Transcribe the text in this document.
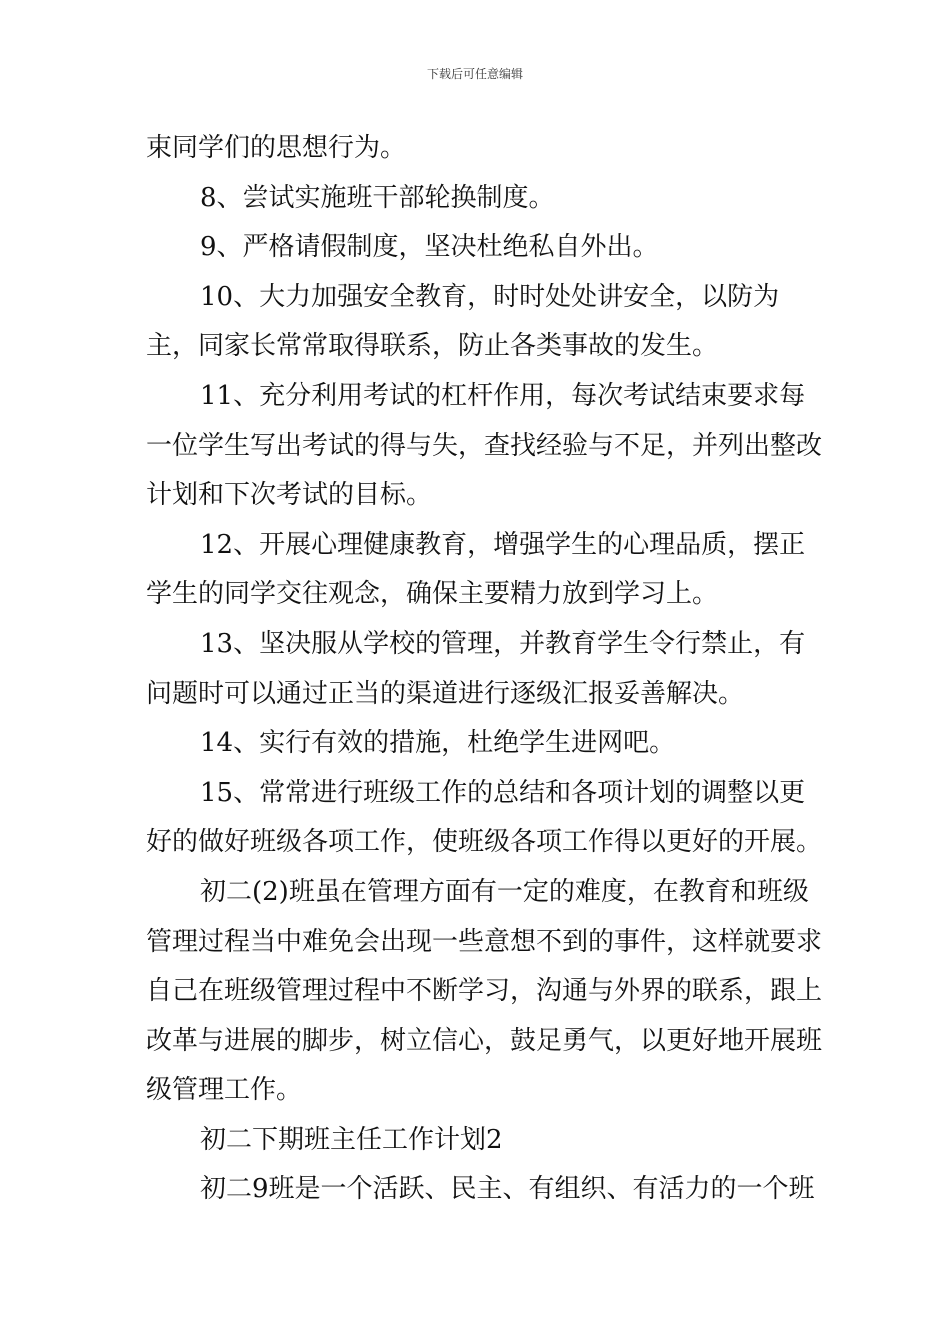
下载后可任意编辑

束同学们的思想行为。

8、尝试实施班干部轮换制度。

9、严格请假制度，坚决杜绝私自外出。

10、大力加强安全教育，时时处处讲安全，以防为主，同家长常常取得联系，防止各类事故的发生。

11、充分利用考试的杠杆作用，每次考试结束要求每一位学生写出考试的得与失，查找经验与不足，并列出整改计划和下次考试的目标。

12、开展心理健康教育，增强学生的心理品质，摆正学生的同学交往观念，确保主要精力放到学习上。

13、坚决服从学校的管理，并教育学生令行禁止，有问题时可以通过正当的渠道进行逐级汇报妥善解决。

14、实行有效的措施，杜绝学生进网吧。

15、常常进行班级工作的总结和各项计划的调整以更好的做好班级各项工作，使班级各项工作得以更好的开展。

初二(2)班虽在管理方面有一定的难度，在教育和班级管理过程当中难免会出现一些意想不到的事件，这样就要求自己在班级管理过程中不断学习，沟通与外界的联系，跟上改革与进展的脚步，树立信心，鼓足勇气，以更好地开展班级管理工作。

初二下期班主任工作计划2

初二9班是一个活跃、民主、有组织、有活力的一个班
